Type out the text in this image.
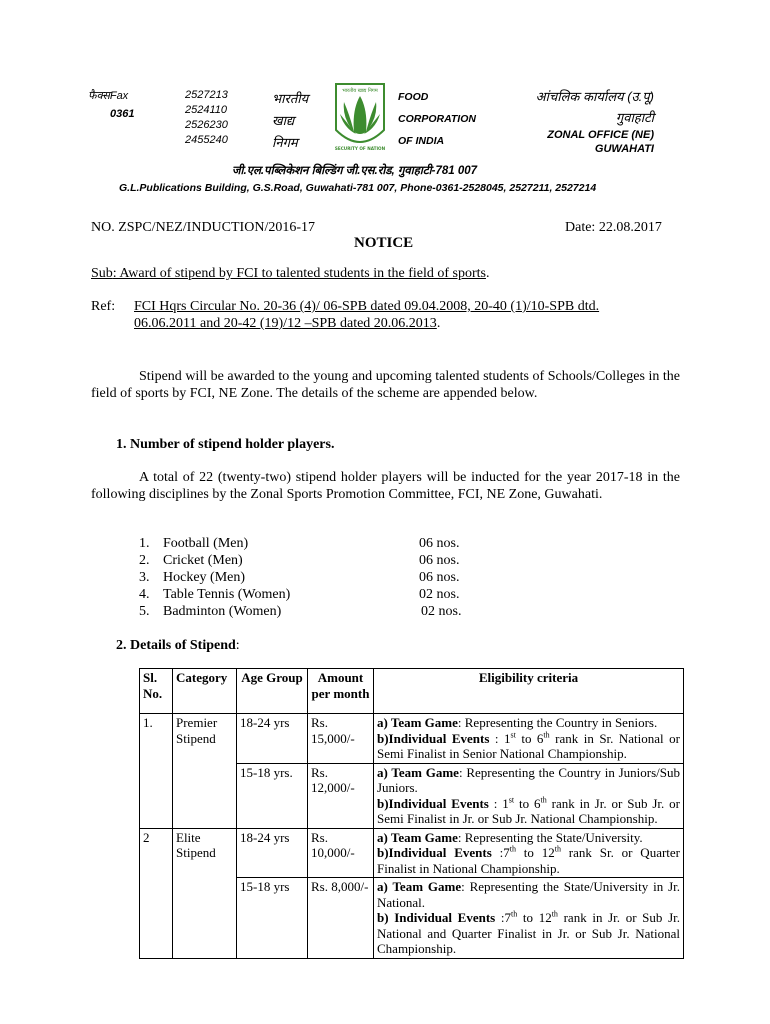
फैक्सFax
0361
2527213
2524110
2526230
2455240
भारतीय
खाद्य
निगम
भारतीय खाद्य निगम
SECURITY OF NATION
FOOD
CORPORATION
OF INDIA
आंचलिक कार्यालय (उ.पू)
गुवाहाटी
ZONAL OFFICE (NE)
GUWAHATI
जी.एल.पब्लिकेशन बिल्डिंग जी.एस.रोड, गुवाहाटी-781 007
G.L.Publications Building, G.S.Road, Guwahati-781 007, Phone-0361-2528045, 2527211, 2527214
NO. ZSPC/NEZ/INDUCTION/2016-17	Date: 22.08.2017
NOTICE
Sub: Award of stipend by FCI to talented students in the field of sports.
Ref: FCI Hqrs Circular No. 20-36 (4)/ 06-SPB dated 09.04.2008, 20-40 (1)/10-SPB dtd.
06.06.2011 and 20-42 (19)/12 –SPB dated 20.06.2013.
Stipend will be awarded to the young and upcoming talented students of Schools/Colleges in the field of sports by FCI, NE Zone. The details of the scheme are appended below.
1. Number of stipend holder players.
A total of 22 (twenty-two) stipend holder players will be inducted for the year 2017-18 in the following disciplines by the Zonal Sports Promotion Committee, FCI, NE Zone, Guwahati.
1. Football (Men)	06 nos.
2. Cricket (Men)	06 nos.
3. Hockey (Men)	06 nos.
4. Table Tennis (Women)	02 nos.
5. Badminton (Women)	02 nos.
2. Details of Stipend:
Sl. No.	Category	Age Group	Amount per month	Eligibility criteria
1.	Premier Stipend	18-24 yrs	Rs. 15,000/-	a) Team Game: Representing the Country in Seniors.
b)Individual Events : 1st to 6th rank in Sr. National or Semi Finalist in Senior National Championship.

		15-18 yrs.	Rs. 12,000/-	a) Team Game: Representing the Country in Juniors/Sub Juniors.
b)Individual Events : 1st to 6th rank in Jr. or Sub Jr. or Semi Finalist in Jr. or Sub Jr. National Championship.

2	Elite Stipend	18-24 yrs	Rs. 10,000/-	a) Team Game: Representing the State/University.
b)Individual Events :7th to 12th rank Sr. or Quarter Finalist in National Championship.

		15-18 yrs	Rs. 8,000/-	a) Team Game: Representing the State/University in Jr. National.
b) Individual Events :7th to 12th rank in Jr. or Sub Jr. National and Quarter Finalist in Jr. or Sub Jr. National Championship.
